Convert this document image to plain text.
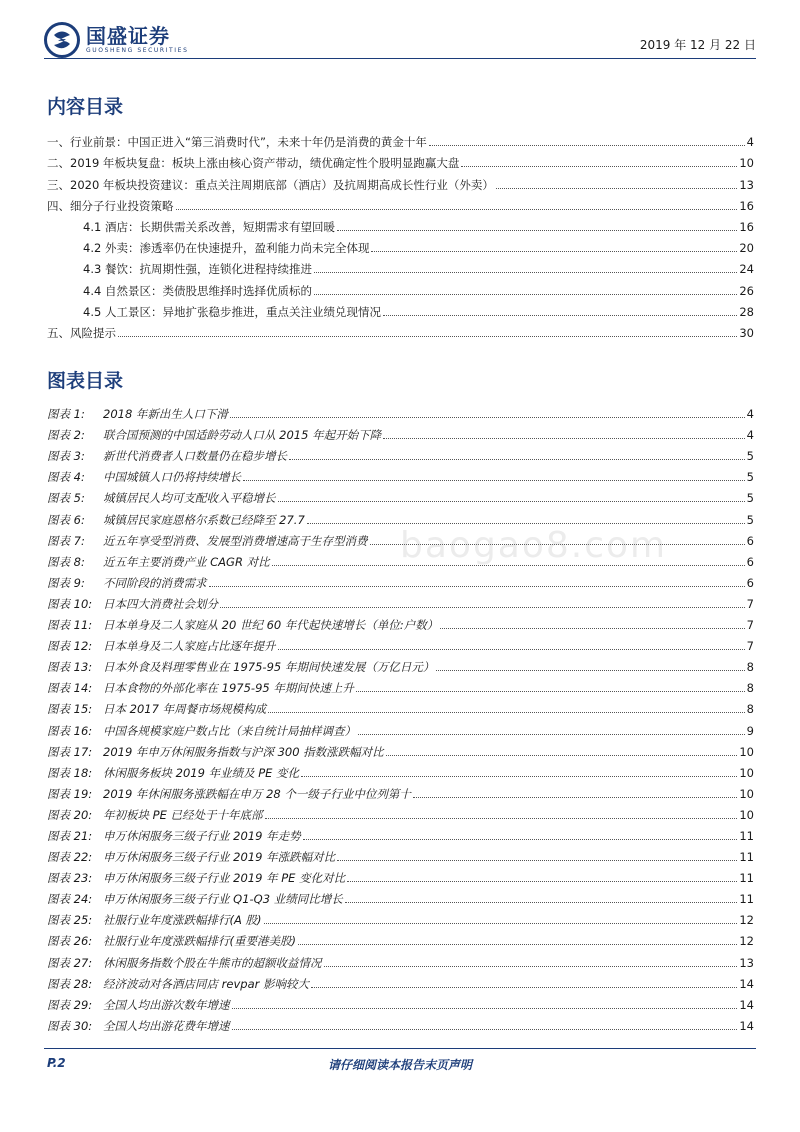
国盛证券
GUOSHENG SECURITIES	2019 年 12 月 22 日
内容目录
一、行业前景：中国正进入“第三消费时代”，未来十年仍是消费的黄金十年	4
二、2019 年板块复盘：板块上涨由核心资产带动，绩优确定性个股明显跑赢大盘	10
三、2020 年板块投资建议：重点关注周期底部（酒店）及抗周期高成长性行业（外卖）	13
四、细分子行业投资策略	16
4.1 酒店：长期供需关系改善，短期需求有望回暖	16
4.2 外卖：渗透率仍在快速提升，盈利能力尚未完全体现	20
4.3 餐饮：抗周期性强，连锁化进程持续推进	24
4.4 自然景区：类债股思维择时选择优质标的	26
4.5 人工景区：异地扩张稳步推进，重点关注业绩兑现情况	28
五、风险提示	30
图表目录
图表 1: 2018 年新出生人口下滑	4
图表 2: 联合国预测的中国适龄劳动人口从 2015 年起开始下降	4
图表 3: 新世代消费者人口数量仍在稳步增长	5
图表 4: 中国城镇人口仍将持续增长	5
图表 5: 城镇居民人均可支配收入平稳增长	5
图表 6: 城镇居民家庭恩格尔系数已经降至 27.7	5
图表 7: 近五年享受型消费、发展型消费增速高于生存型消费	6
图表 8: 近五年主要消费产业 CAGR 对比	6
图表 9: 不同阶段的消费需求	6
图表 10: 日本四大消费社会划分	7
图表 11: 日本单身及二人家庭从 20 世纪 60 年代起快速增长（单位:户数）	7
图表 12: 日本单身及二人家庭占比逐年提升	7
图表 13: 日本外食及料理零售业在 1975-95 年期间快速发展（万亿日元）	8
图表 14: 日本食物的外部化率在 1975-95 年期间快速上升	8
图表 15: 日本 2017 年周餐市场规模构成	8
图表 16: 中国各规模家庭户数占比（来自统计局抽样调查）	9
图表 17: 2019 年申万休闲服务指数与沪深 300 指数涨跌幅对比	10
图表 18: 休闲服务板块 2019 年业绩及 PE 变化	10
图表 19: 2019 年休闲服务涨跌幅在申万 28 个一级子行业中位列第十	10
图表 20: 年初板块 PE 已经处于十年底部	10
图表 21: 申万休闲服务三级子行业 2019 年走势	11
图表 22: 申万休闲服务三级子行业 2019 年涨跌幅对比	11
图表 23: 申万休闲服务三级子行业 2019 年 PE 变化对比	11
图表 24: 申万休闲服务三级子行业 Q1-Q3 业绩同比增长	11
图表 25: 社服行业年度涨跌幅排行(A 股)	12
图表 26: 社服行业年度涨跌幅排行(重要港美股)	12
图表 27: 休闲服务指数个股在牛熊市的超额收益情况	13
图表 28: 经济波动对各酒店同店 revpar 影响较大	14
图表 29: 全国人均出游次数年增速	14
图表 30: 全国人均出游花费年增速	14
baogao8.com
P.2	请仔细阅读本报告末页声明
